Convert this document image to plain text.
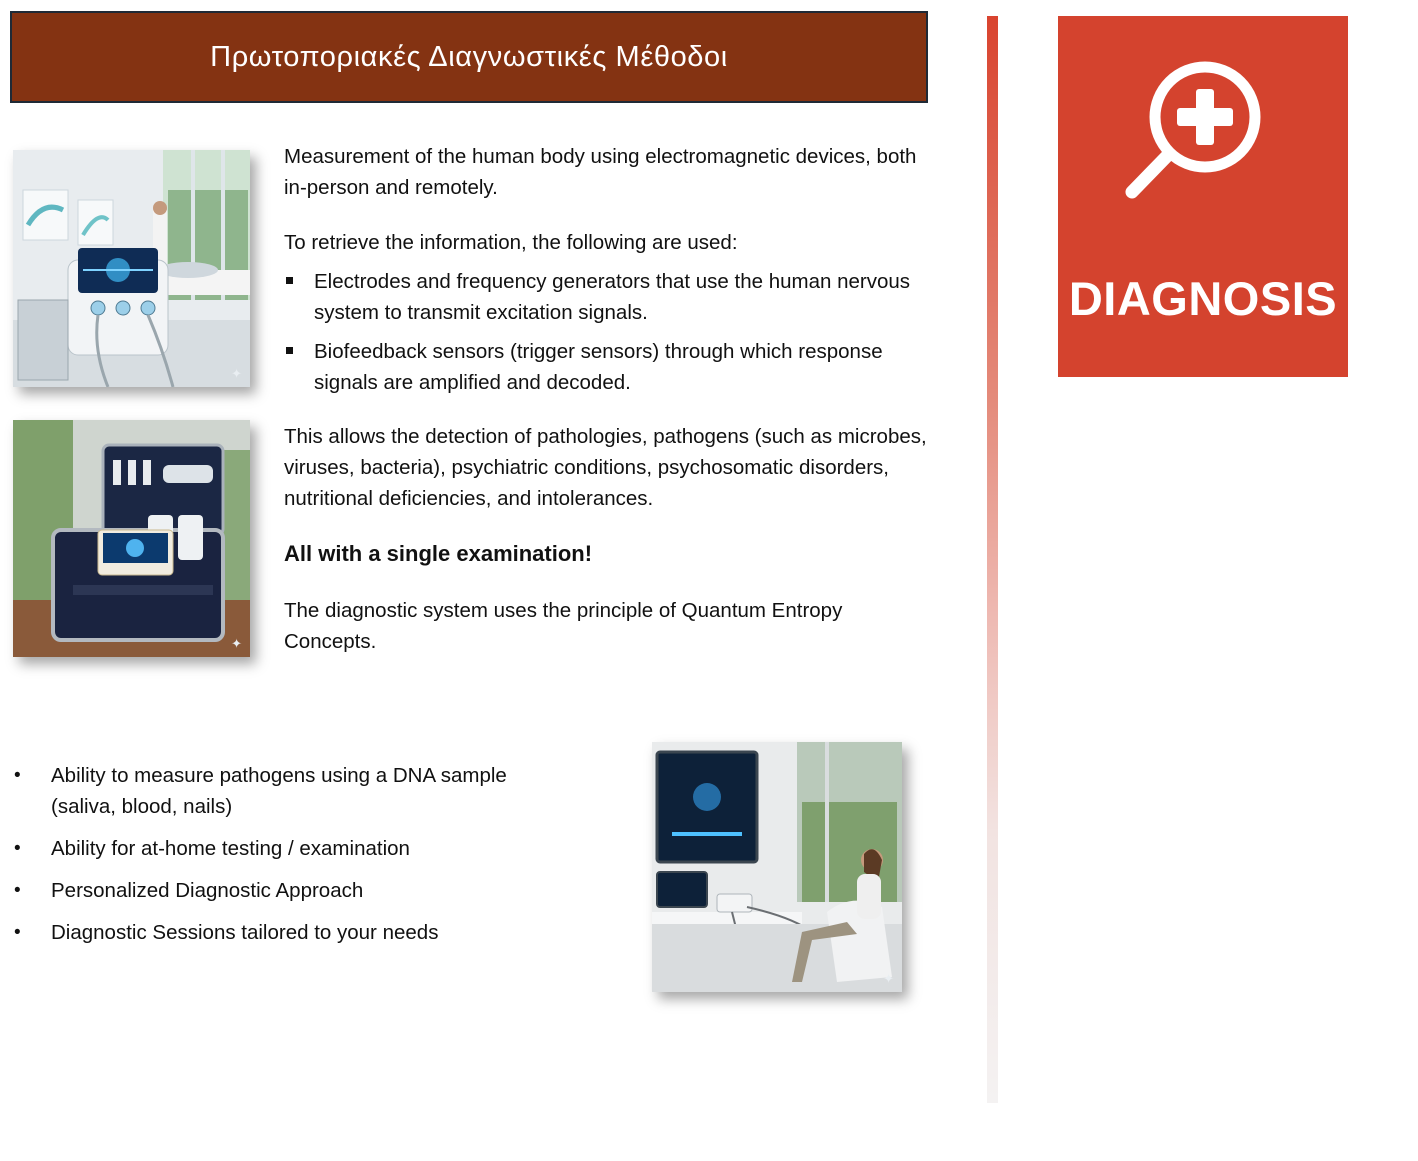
Πρωτοποριακές Διαγνωστικές Μέθοδοι
✦
✦
✦

Measurement of the human body using electromagnetic devices, both in-person and remotely.

To retrieve the information, the following are used:

Electrodes and frequency generators that use the human nervous system to transmit excitation signals.
Biofeedback sensors (trigger sensors) through which response signals are amplified and decoded.

This allows the detection of pathologies, pathogens (such as microbes, viruses, bacteria), psychiatric conditions, psychosomatic disorders, nutritional deficiencies, and intolerances.

All with a single examination!

The diagnostic system uses the principle of Quantum Entropy Concepts.

• Ability to measure pathogens using a DNA sample (saliva, blood, nails)
• Ability for at-home testing / examination
• Personalized Diagnostic Approach
• Diagnostic Sessions tailored to your needs
DIAGNOSIS
